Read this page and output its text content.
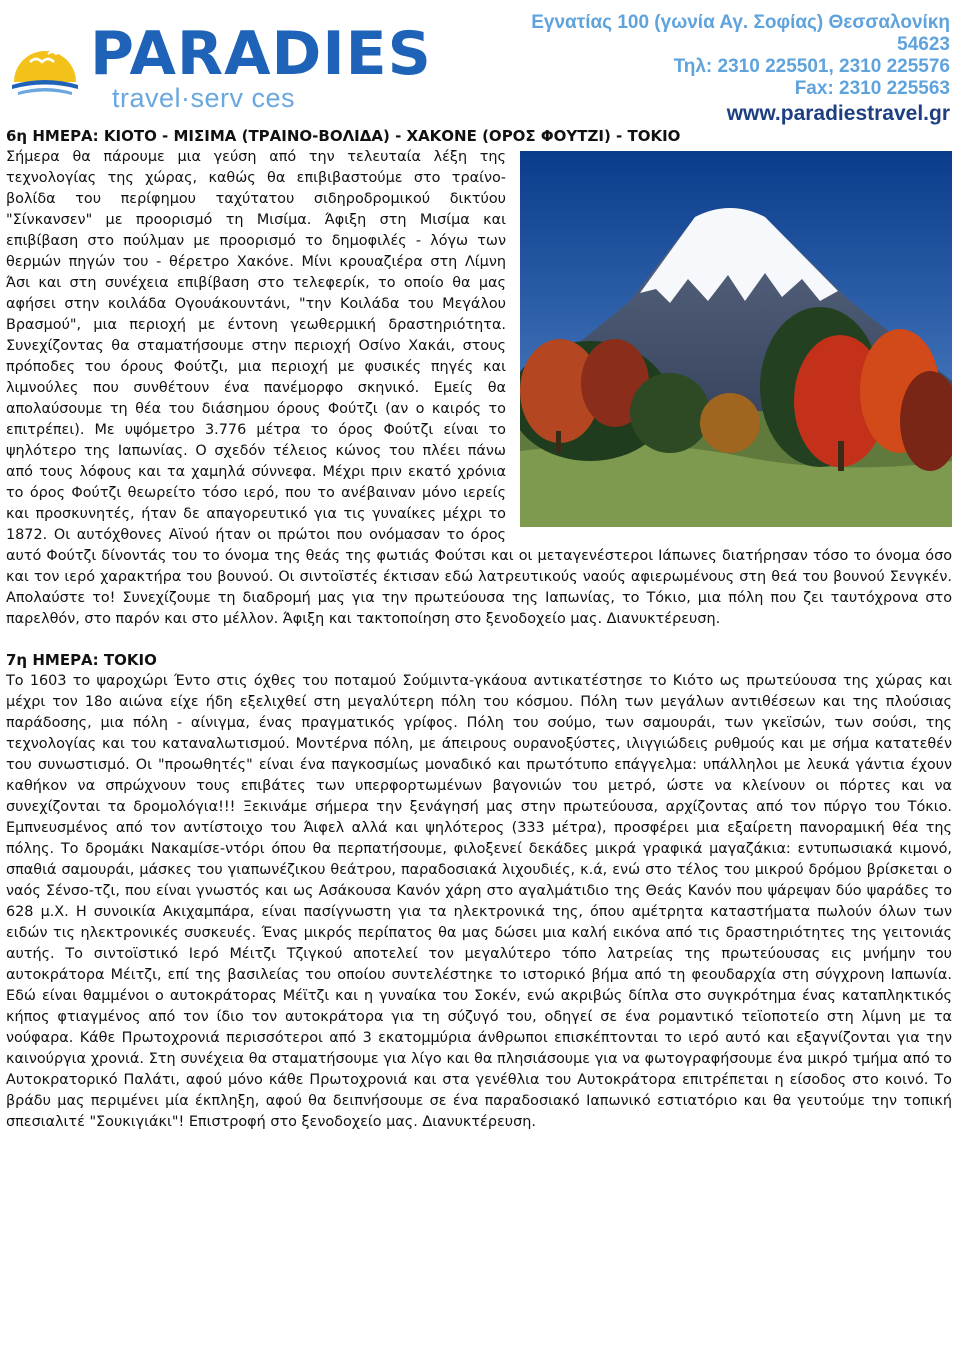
PARADIES
travel·serv ces
Εγνατίας 100 (γωνία Αγ. Σοφίας) Θεσσαλονίκη 54623
Τηλ: 2310 225501, 2310 225576
Fax: 2310 225563
www.paradiestravel.gr
6η ΗΜΕΡΑ: ΚΙΟΤΟ - ΜΙΣΙΜΑ (ΤΡΑΙΝΟ-ΒΟΛΙΔΑ) - ΧΑΚΟΝΕ (ΟΡΟΣ ΦΟΥΤΖΙ) - ΤΟΚΙΟ

Σήμερα θα πάρουμε μια γεύση από την τελευταία λέξη της τεχνολογίας της χώρας, καθώς θα επιβιβαστούμε στο τραίνο-βολίδα του περίφημου ταχύτατου σιδηροδρομικού δικτύου "Σίνκανσεν" με προορισμό τη Μισίμα. Άφιξη στη Μισίμα και επιβίβαση στο πούλμαν με προορισμό το δημοφιλές - λόγω των θερμών πηγών του - θέρετρο Χακόνε. Μίνι κρουαζιέρα στη Λίμνη Άσι και στη συνέχεια επιβίβαση στο τελεφερίκ, το οποίο θα μας αφήσει στην κοιλάδα Ογουάκουντάνι, "την Κοιλάδα του Μεγάλου Βρασμού", μια περιοχή με έντονη γεωθερμική δραστηριότητα. Συνεχίζοντας θα σταματήσουμε στην περιοχή Οσίνο Χακάι, στους πρόποδες του όρους Φούτζι, μια περιοχή με φυσικές πηγές και λιμνούλες που συνθέτουν ένα πανέμορφο σκηνικό. Εμείς θα απολαύσουμε τη θέα του διάσημου όρους Φούτζι (αν ο καιρός το επιτρέπει). Με υψόμετρο 3.776 μέτρα το όρος Φούτζι είναι το ψηλότερο της Ιαπωνίας. Ο σχεδόν τέλειος κώνος του πλέει πάνω από τους λόφους και τα χαμηλά σύννεφα. Μέχρι πριν εκατό χρόνια το όρος Φούτζι θεωρείτο τόσο ιερό, που το ανέβαιναν μόνο ιερείς και προσκυνητές, ήταν δε απαγορευτικό για τις γυναίκες μέχρι το 1872. Οι αυτόχθονες Αϊνού ήταν οι πρώτοι που ονόμασαν το όρος αυτό Φούτζι δίνοντάς του το όνομα της θεάς της φωτιάς Φούτσι και οι μεταγενέστεροι Ιάπωνες διατήρησαν τόσο το όνομα όσο και τον ιερό χαρακτήρα του βουνού. Οι σιντοϊστές έκτισαν εδώ λατρευτικούς ναούς αφιερωμένους στη θεά του βουνού Σενγκέν. Απολαύστε το! Συνεχίζουμε τη διαδρομή μας για την πρωτεύουσα της Ιαπωνίας, το Τόκιο, μια πόλη που ζει ταυτόχρονα στο παρελθόν, στο παρόν και στο μέλλον. Άφιξη και τακτοποίηση στο ξενοδοχείο μας. Διανυκτέρευση.

7η ΗΜΕΡΑ: ΤΟΚΙΟ

Το 1603 το ψαροχώρι Έντο στις όχθες του ποταμού Σούμιντα-γκάουα αντικατέστησε το Κιότο ως πρωτεύουσα της χώρας και μέχρι τον 18ο αιώνα είχε ήδη εξελιχθεί στη μεγαλύτερη πόλη του κόσμου. Πόλη των μεγάλων αντιθέσεων και της πλούσιας παράδοσης, μια πόλη - αίνιγμα, ένας πραγματικός γρίφος. Πόλη του σούμο, των σαμουράι, των γκεϊσών, των σούσι, της τεχνολογίας και του καταναλωτισμού. Μοντέρνα πόλη, με άπειρους ουρανοξύστες, ιλιγγιώδεις ρυθμούς και με σήμα κατατεθέν του συνωστισμό. Οι "προωθητές" είναι ένα παγκοσμίως μοναδικό και πρωτότυπο επάγγελμα: υπάλληλοι με λευκά γάντια έχουν καθήκον να σπρώχνουν τους επιβάτες των υπερφορτωμένων βαγονιών του μετρό, ώστε να κλείνουν οι πόρτες και να συνεχίζονται τα δρομολόγια!!! Ξεκινάμε σήμερα την ξενάγησή μας στην πρωτεύουσα, αρχίζοντας από τον πύργο του Τόκιο. Εμπνευσμένος από τον αντίστοιχο του Άιφελ αλλά και ψηλότερος (333 μέτρα), προσφέρει μια εξαίρετη πανοραμική θέα της πόλης. Το δρομάκι Νακαμίσε-ντόρι όπου θα περπατήσουμε, φιλοξενεί δεκάδες μικρά γραφικά μαγαζάκια: εντυπωσιακά κιμονό, σπαθιά σαμουράι, μάσκες του γιαπωνέζικου θεάτρου, παραδοσιακά λιχουδιές, κ.ά, ενώ στο τέλος του μικρού δρόμου βρίσκεται ο ναός Σένσο-τζι, που είναι γνωστός και ως Ασάκουσα Κανόν χάρη στο αγαλμάτιδιο της Θεάς Κανόν που ψάρεψαν δύο ψαράδες το 628 μ.Χ. Η συνοικία Ακιχαμπάρα, είναι πασίγνωστη για τα ηλεκτρονικά της, όπου αμέτρητα καταστήματα πωλούν όλων των ειδών τις ηλεκτρονικές συσκευές. Ένας μικρός περίπατος θα μας δώσει μια καλή εικόνα από τις δραστηριότητες της γειτονιάς αυτής. Το σιντοϊστικό Ιερό Μέιτζι Τζιγκού αποτελεί τον μεγαλύτερο τόπο λατρείας της πρωτεύουσας εις μνήμην του αυτοκράτορα Μέιτζι, επί της βασιλείας του οποίου συντελέστηκε το ιστορικό βήμα από τη φεουδαρχία στη σύγχρονη Ιαπωνία. Εδώ είναι θαμμένοι ο αυτοκράτορας Μέϊτζι και η γυναίκα του Σοκέν, ενώ ακριβώς δίπλα στο συγκρότημα ένας καταπληκτικός κήπος φτιαγμένος από τον ίδιο τον αυτοκράτορα για τη σύζυγό του, οδηγεί σε ένα ρομαντικό τεϊοποτείο στη λίμνη με τα νούφαρα. Κάθε Πρωτοχρονιά περισσότεροι από 3 εκατομμύρια άνθρωποι επισκέπτονται το ιερό αυτό και εξαγνίζονται για την καινούργια χρονιά. Στη συνέχεια θα σταματήσουμε για λίγο και θα πλησιάσουμε για να φωτογραφήσουμε ένα μικρό τμήμα από το Αυτοκρατορικό Παλάτι, αφού μόνο κάθε Πρωτοχρονιά και στα γενέθλια του Αυτοκράτορα επιτρέπεται η είσοδος στο κοινό. Το βράδυ μας περιμένει μία έκπληξη, αφού θα δειπνήσουμε σε ένα παραδοσιακό Ιαπωνικό εστιατόριο και θα γευτούμε την τοπική σπεσιαλιτέ "Σουκιγιάκι"! Επιστροφή στο ξενοδοχείο μας. Διανυκτέρευση.
